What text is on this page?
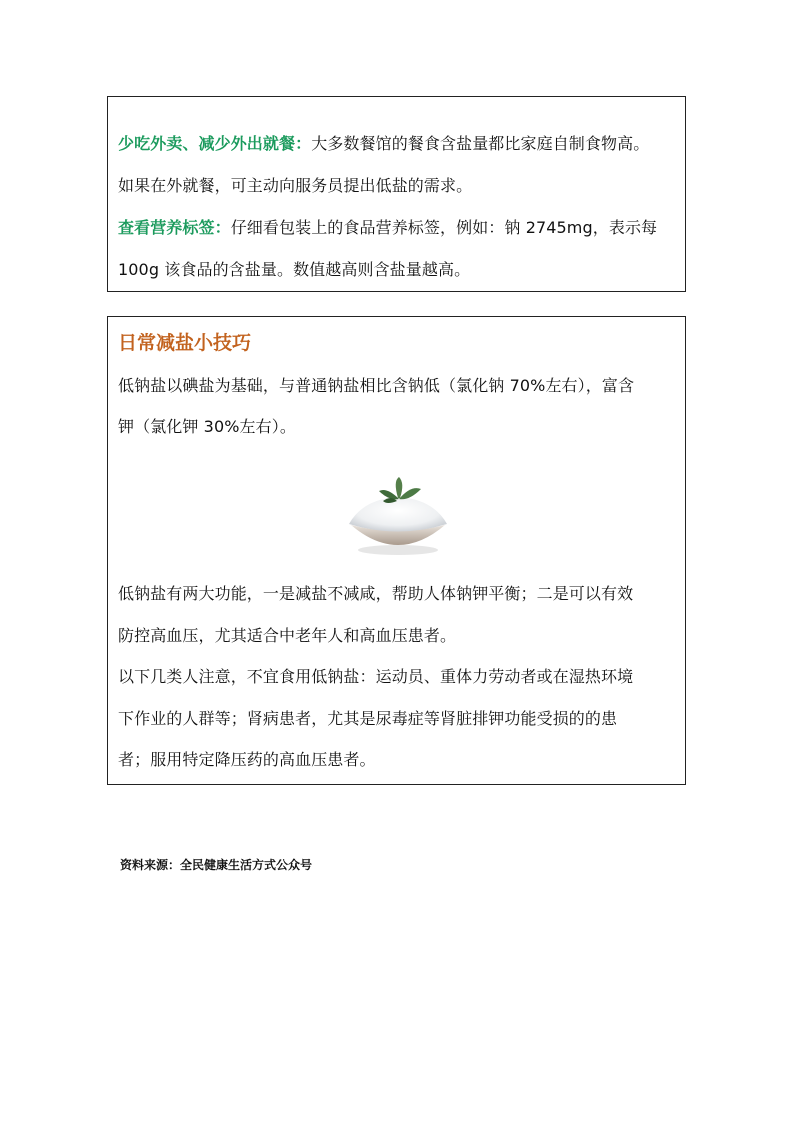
少吃外卖、减少外出就餐：大多数餐馆的餐食含盐量都比家庭自制食物高。
如果在外就餐，可主动向服务员提出低盐的需求。
查看营养标签：仔细看包装上的食品营养标签，例如：钠 2745mg，表示每
100g 该食品的含盐量。数值越高则含盐量越高。
日常减盐小技巧
低钠盐以碘盐为基础，与普通钠盐相比含钠低（氯化钠 70%左右），富含
钾（氯化钾 30%左右）。
低钠盐有两大功能，一是减盐不减咸，帮助人体钠钾平衡；二是可以有效
防控高血压，尤其适合中老年人和高血压患者。
以下几类人注意，不宜食用低钠盐：运动员、重体力劳动者或在湿热环境
下作业的人群等；肾病患者，尤其是尿毒症等肾脏排钾功能受损的的患
者；服用特定降压药的高血压患者。
资料来源：全民健康生活方式公众号
